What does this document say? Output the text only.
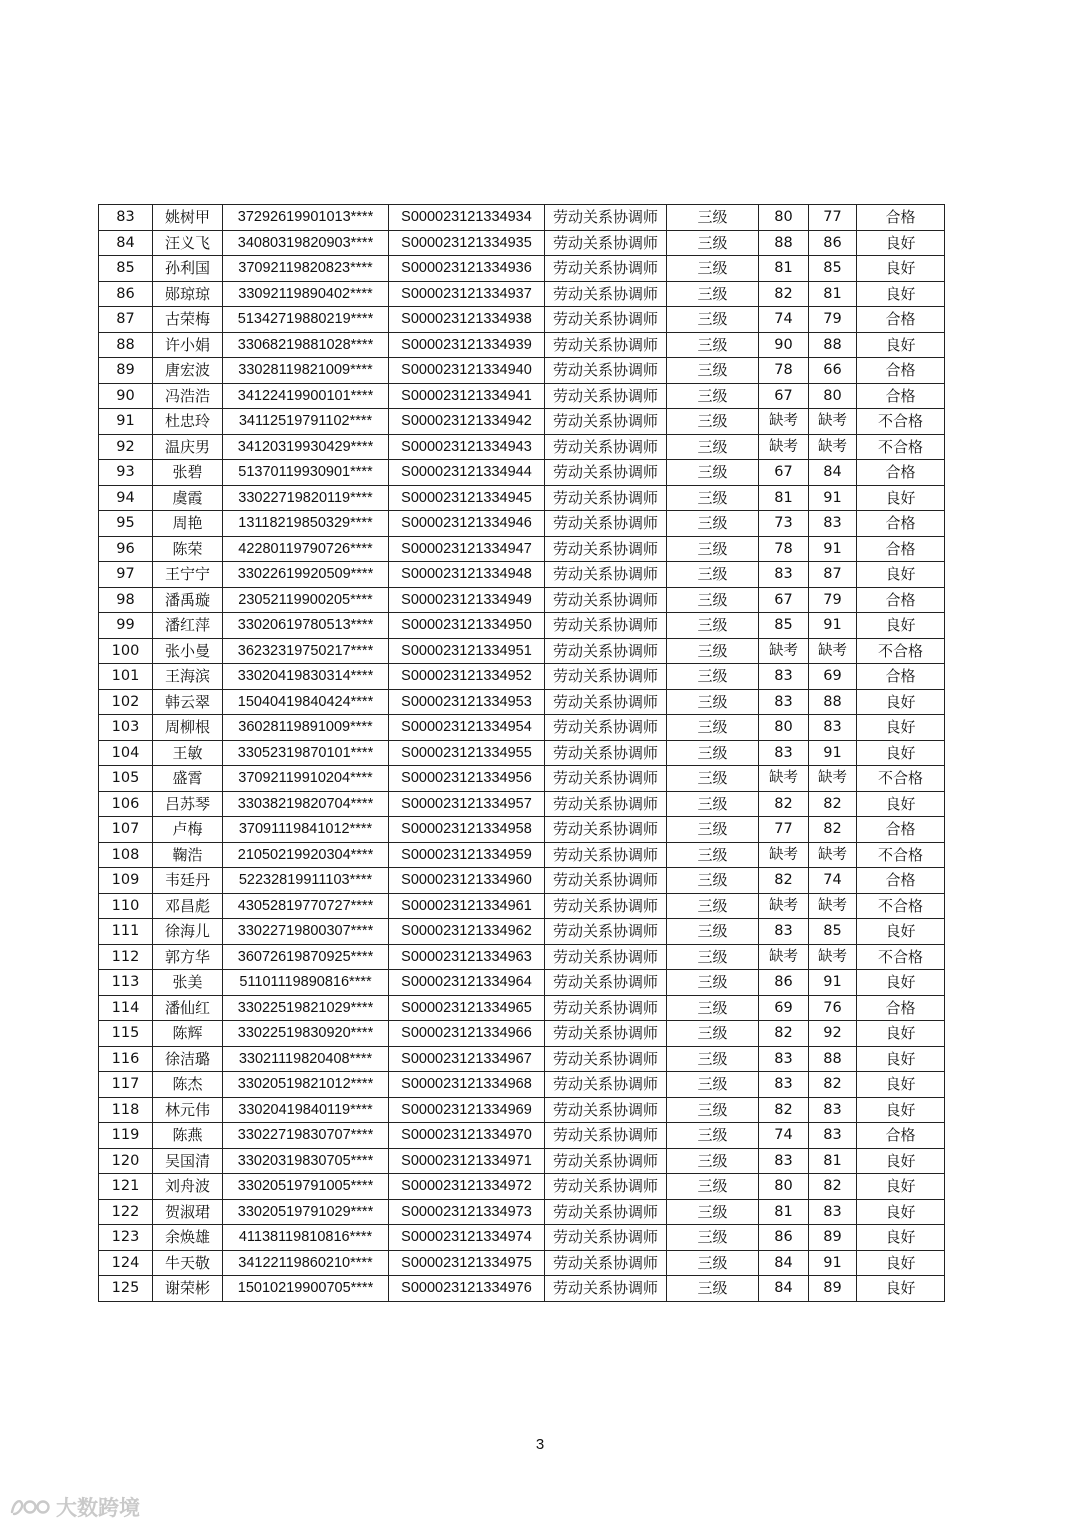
83	姚树甲	37292619901013****	S000023121334934	劳动关系协调师	三级	80	77	合格
84	汪义飞	34080319820903****	S000023121334935	劳动关系协调师	三级	88	86	良好
85	孙利国	37092119820823****	S000023121334936	劳动关系协调师	三级	81	85	良好
86	郧琼琼	33092119890402****	S000023121334937	劳动关系协调师	三级	82	81	良好
87	古荣梅	51342719880219****	S000023121334938	劳动关系协调师	三级	74	79	合格
88	许小娟	33068219881028****	S000023121334939	劳动关系协调师	三级	90	88	良好
89	唐宏波	33028119821009****	S000023121334940	劳动关系协调师	三级	78	66	合格
90	冯浩浩	34122419900101****	S000023121334941	劳动关系协调师	三级	67	80	合格
91	杜忠玲	34112519791102****	S000023121334942	劳动关系协调师	三级	缺考	缺考	不合格
92	温庆男	34120319930429****	S000023121334943	劳动关系协调师	三级	缺考	缺考	不合格
93	张碧	51370119930901****	S000023121334944	劳动关系协调师	三级	67	84	合格
94	虞霞	33022719820119****	S000023121334945	劳动关系协调师	三级	81	91	良好
95	周艳	13118219850329****	S000023121334946	劳动关系协调师	三级	73	83	合格
96	陈荣	42280119790726****	S000023121334947	劳动关系协调师	三级	78	91	合格
97	王宁宁	33022619920509****	S000023121334948	劳动关系协调师	三级	83	87	良好
98	潘禹璇	23052119900205****	S000023121334949	劳动关系协调师	三级	67	79	合格
99	潘红萍	33020619780513****	S000023121334950	劳动关系协调师	三级	85	91	良好
100	张小曼	36232319750217****	S000023121334951	劳动关系协调师	三级	缺考	缺考	不合格
101	王海滨	33020419830314****	S000023121334952	劳动关系协调师	三级	83	69	合格
102	韩云翠	15040419840424****	S000023121334953	劳动关系协调师	三级	83	88	良好
103	周柳根	36028119891009****	S000023121334954	劳动关系协调师	三级	80	83	良好
104	王敏	33052319870101****	S000023121334955	劳动关系协调师	三级	83	91	良好
105	盛霄	37092119910204****	S000023121334956	劳动关系协调师	三级	缺考	缺考	不合格
106	吕苏琴	33038219820704****	S000023121334957	劳动关系协调师	三级	82	82	良好
107	卢梅	37091119841012****	S000023121334958	劳动关系协调师	三级	77	82	合格
108	鞠浩	21050219920304****	S000023121334959	劳动关系协调师	三级	缺考	缺考	不合格
109	韦廷丹	52232819911103****	S000023121334960	劳动关系协调师	三级	82	74	合格
110	邓昌彪	43052819770727****	S000023121334961	劳动关系协调师	三级	缺考	缺考	不合格
111	徐海儿	33022719800307****	S000023121334962	劳动关系协调师	三级	83	85	良好
112	郭方华	36072619870925****	S000023121334963	劳动关系协调师	三级	缺考	缺考	不合格
113	张美	51101119890816****	S000023121334964	劳动关系协调师	三级	86	91	良好
114	潘仙红	33022519821029****	S000023121334965	劳动关系协调师	三级	69	76	合格
115	陈辉	33022519830920****	S000023121334966	劳动关系协调师	三级	82	92	良好
116	徐洁璐	33021119820408****	S000023121334967	劳动关系协调师	三级	83	88	良好
117	陈杰	33020519821012****	S000023121334968	劳动关系协调师	三级	83	82	良好
118	林元伟	33020419840119****	S000023121334969	劳动关系协调师	三级	82	83	良好
119	陈燕	33022719830707****	S000023121334970	劳动关系协调师	三级	74	83	合格
120	吴国清	33020319830705****	S000023121334971	劳动关系协调师	三级	83	81	良好
121	刘舟波	33020519791005****	S000023121334972	劳动关系协调师	三级	80	82	良好
122	贺淑珺	33020519791029****	S000023121334973	劳动关系协调师	三级	81	83	良好
123	余焕雄	41138119810816****	S000023121334974	劳动关系协调师	三级	86	89	良好
124	牛天敬	34122119860210****	S000023121334975	劳动关系协调师	三级	84	91	良好
125	谢荣彬	15010219900705****	S000023121334976	劳动关系协调师	三级	84	89	良好
3
大数跨境
